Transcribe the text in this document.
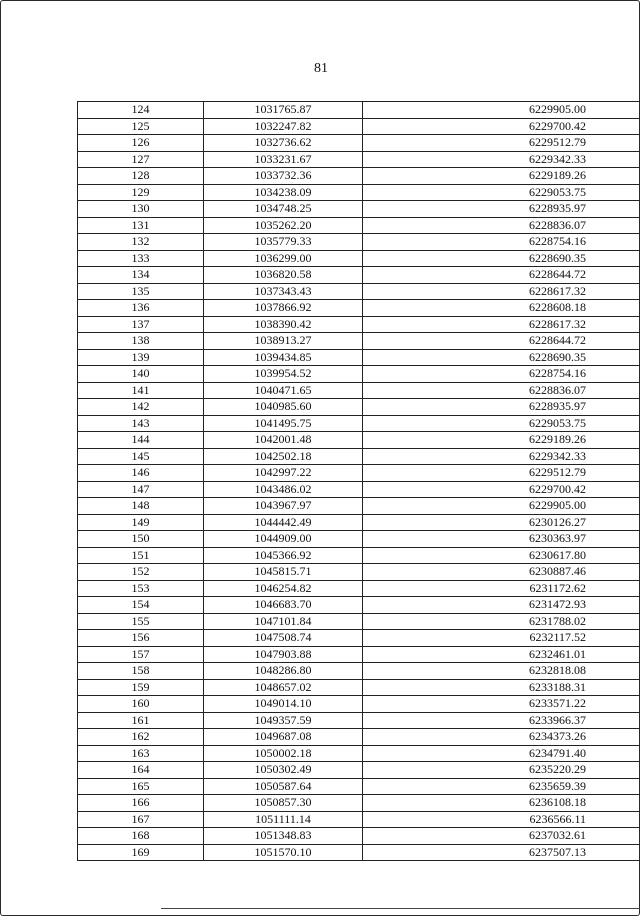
81
124	1031765.87	6229905.00
125	1032247.82	6229700.42
126	1032736.62	6229512.79
127	1033231.67	6229342.33
128	1033732.36	6229189.26
129	1034238.09	6229053.75
130	1034748.25	6228935.97
131	1035262.20	6228836.07
132	1035779.33	6228754.16
133	1036299.00	6228690.35
134	1036820.58	6228644.72
135	1037343.43	6228617.32
136	1037866.92	6228608.18
137	1038390.42	6228617.32
138	1038913.27	6228644.72
139	1039434.85	6228690.35
140	1039954.52	6228754.16
141	1040471.65	6228836.07
142	1040985.60	6228935.97
143	1041495.75	6229053.75
144	1042001.48	6229189.26
145	1042502.18	6229342.33
146	1042997.22	6229512.79
147	1043486.02	6229700.42
148	1043967.97	6229905.00
149	1044442.49	6230126.27
150	1044909.00	6230363.97
151	1045366.92	6230617.80
152	1045815.71	6230887.46
153	1046254.82	6231172.62
154	1046683.70	6231472.93
155	1047101.84	6231788.02
156	1047508.74	6232117.52
157	1047903.88	6232461.01
158	1048286.80	6232818.08
159	1048657.02	6233188.31
160	1049014.10	6233571.22
161	1049357.59	6233966.37
162	1049687.08	6234373.26
163	1050002.18	6234791.40
164	1050302.49	6235220.29
165	1050587.64	6235659.39
166	1050857.30	6236108.18
167	1051111.14	6236566.11
168	1051348.83	6237032.61
169	1051570.10	6237507.13
